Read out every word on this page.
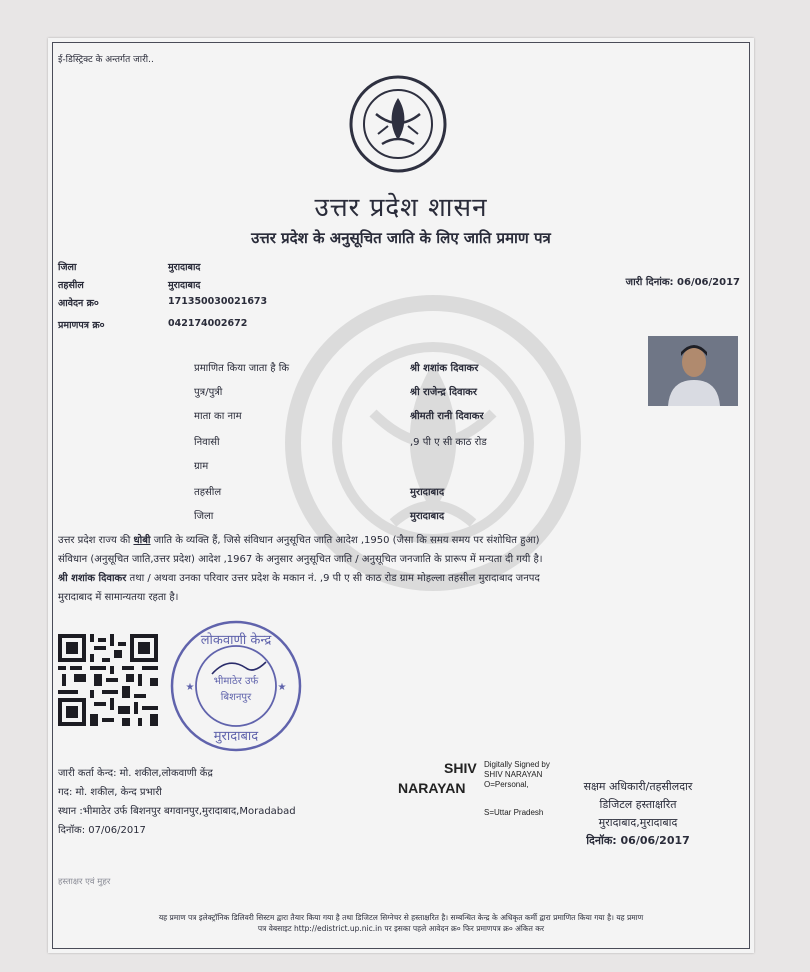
ई-डिस्ट्रिक्ट के अन्तर्गत जारी..
उत्तर प्रदेश शासन
उत्तर प्रदेश के अनुसूचित जाति के लिए जाति प्रमाण पत्र
जिला	मुरादाबाद
तहसील	मुरादाबाद
आवेदन क्र०	171350030021673
प्रमाणपत्र क्र०	042174002672
जारी दिनांक: 06/06/2017
प्रमाणित किया जाता है कि	श्री शशांक दिवाकर
पुत्र/पुत्री	श्री राजेन्द्र दिवाकर
माता का नाम	श्रीमती रानी दिवाकर
निवासी	,9 पी ए सी काठ रोड
ग्राम
तहसील	मुरादाबाद
जिला	मुरादाबाद
उत्तर प्रदेश राज्य की धोबी जाति के व्यक्ति हैं, जिसे संविधान अनुसूचित जाति आदेश ,1950 (जैसा कि समय समय पर संशोधित हुआ)
संविधान (अनुसूचित जाति,उत्तर प्रदेश) आदेश ,1967 के अनुसार अनुसूचित जाति / अनुसूचित जनजाति के प्रारूप में मन्यता दी गयी है।
श्री शशांक दिवाकर तथा / अथवा उनका परिवार उत्तर प्रदेश के मकान नं. ,9 पी ए सी काठ रोड ग्राम मोहल्ला तहसील मुरादाबाद जनपद
मुरादाबाद में सामान्यतया रहता है।
लोकवाणी केन्द्र
भीमाठेर उर्फ
बिशनपुर
मुरादाबाद
★	★
जारी कर्ता केन्द: मो. शकील,लोकवाणी केंद्र
गद: मो. शकील, केन्द प्रभारी
स्थान :भीमाठेर उर्फ बिशनपुर बगवानपुर,मुरादाबाद,Moradabad
दिनॉक: 07/06/2017
SHIV
NARAYAN
Digitally Signed by
SHIV NARAYAN
O=Personal,
S=Uttar Pradesh
सक्षम अधिकारी/तहसीलदार
डिजिटल हस्ताक्षरित
मुरादाबाद,मुरादाबाद
दिनॉक: 06/06/2017
हस्ताक्षर एवं मुहर
यह प्रमाण पत्र इलेक्ट्रॉनिक डिलिवरी सिस्टम द्वारा तैयार किया गया है तथा डिजिटल सिग्नेचर से हस्ताक्षरित है। सम्बन्धित केन्द्र के अधिकृत कर्मी द्वारा प्रमाणित किया गया है। यह प्रमाण
पत्र वेबसाइट http://edistrict.up.nic.in पर इसका पहले आवेदन क्र० फिर प्रमाणपत्र क्र० अंकित कर
